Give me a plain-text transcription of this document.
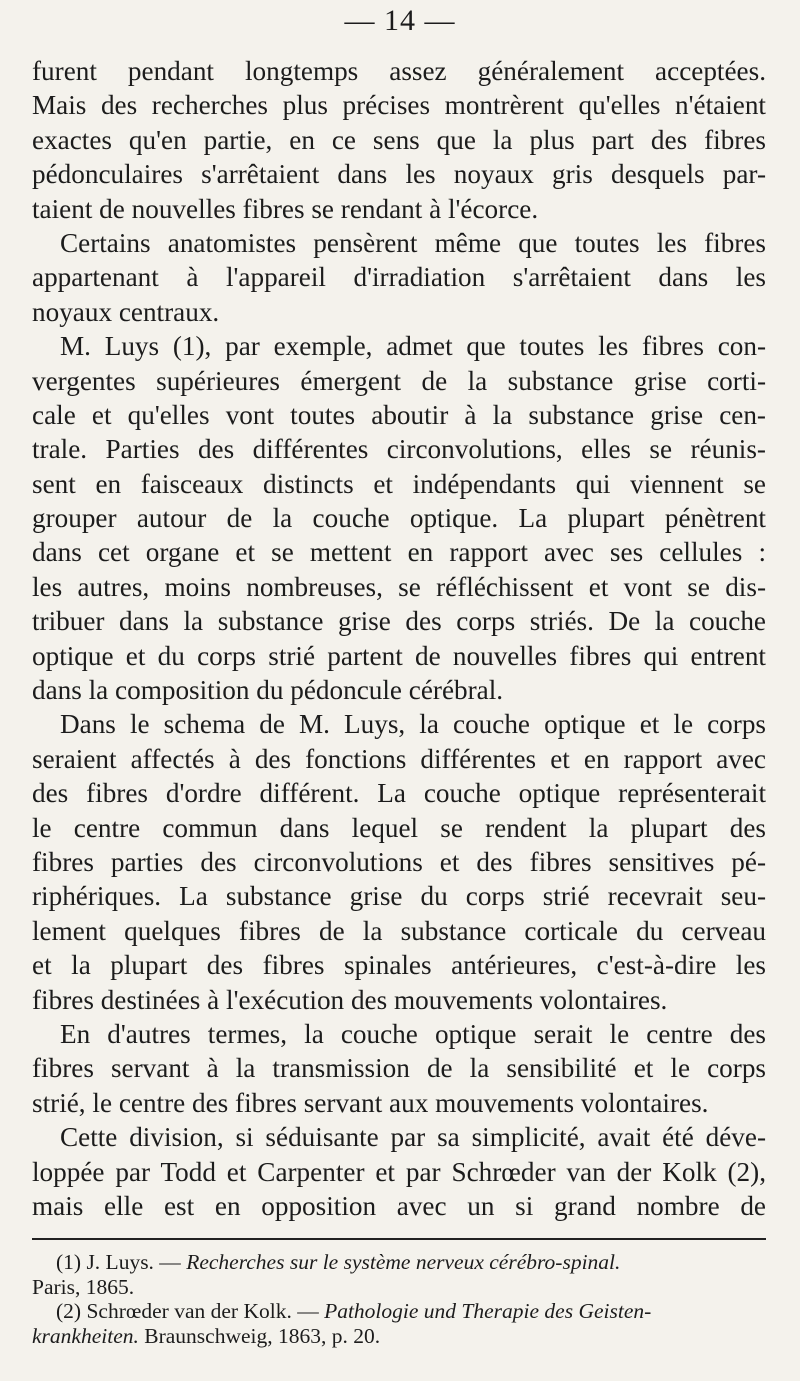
— 14 —
furent pendant longtemps assez généralement acceptées.
Mais des recherches plus précises montrèrent qu'elles n'étaient
exactes qu'en partie, en ce sens que la plus part des fibres
pédonculaires s'arrêtaient dans les noyaux gris desquels par-
taient de nouvelles fibres se rendant à l'écorce.
Certains anatomistes pensèrent même que toutes les fibres
appartenant à l'appareil d'irradiation s'arrêtaient dans les
noyaux centraux.
M. Luys (1), par exemple, admet que toutes les fibres con-
vergentes supérieures émergent de la substance grise corti-
cale et qu'elles vont toutes aboutir à la substance grise cen-
trale. Parties des différentes circonvolutions, elles se réunis-
sent en faisceaux distincts et indépendants qui viennent se
grouper autour de la couche optique. La plupart pénètrent
dans cet organe et se mettent en rapport avec ses cellules :
les autres, moins nombreuses, se réfléchissent et vont se dis-
tribuer dans la substance grise des corps striés. De la couche
optique et du corps strié partent de nouvelles fibres qui entrent
dans la composition du pédoncule cérébral.
Dans le schema de M. Luys, la couche optique et le corps
seraient affectés à des fonctions différentes et en rapport avec
des fibres d'ordre différent. La couche optique représenterait
le centre commun dans lequel se rendent la plupart des
fibres parties des circonvolutions et des fibres sensitives pé-
riphériques. La substance grise du corps strié recevrait seu-
lement quelques fibres de la substance corticale du cerveau
et la plupart des fibres spinales antérieures, c'est-à-dire les
fibres destinées à l'exécution des mouvements volontaires.
En d'autres termes, la couche optique serait le centre des
fibres servant à la transmission de la sensibilité et le corps
strié, le centre des fibres servant aux mouvements volontaires.
Cette division, si séduisante par sa simplicité, avait été déve-
loppée par Todd et Carpenter et par Schrœder van der Kolk (2),
mais elle est en opposition avec un si grand nombre de
(1) J. Luys. — Recherches sur le système nerveux cérébro-spinal.
Paris, 1865.
(2) Schrœder van der Kolk. — Pathologie und Therapie des Geisten-
krankheiten. Braunschweig, 1863, p. 20.
